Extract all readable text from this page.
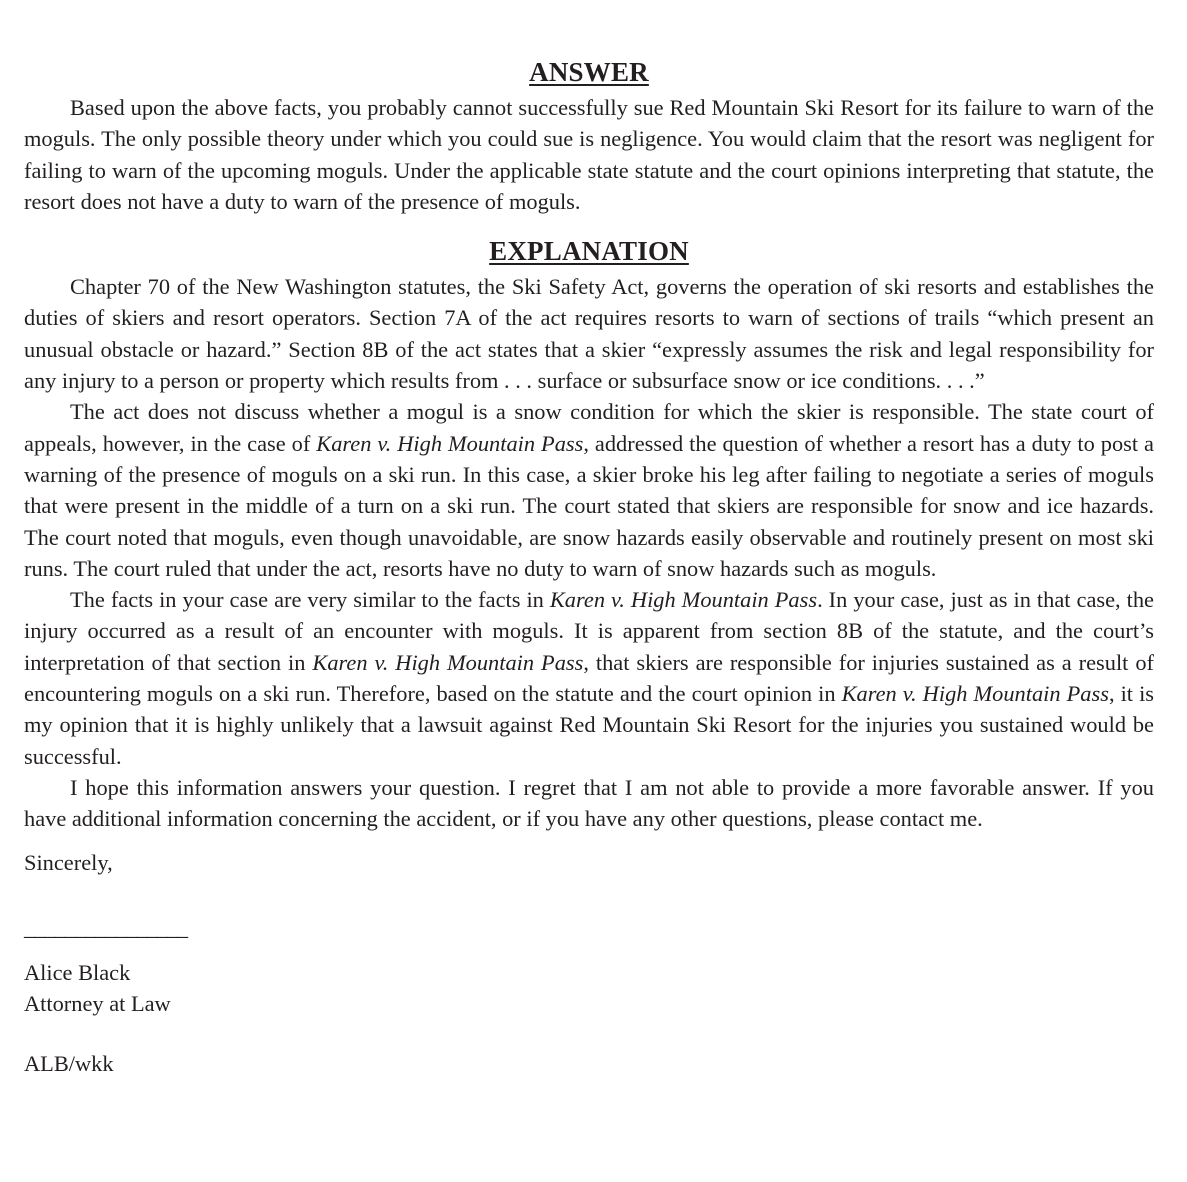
ANSWER

Based upon the above facts, you probably cannot successfully sue Red Mountain Ski Resort for its failure to warn of the moguls. The only possible theory under which you could sue is negligence. You would claim that the resort was negligent for failing to warn of the upcoming moguls. Under the applicable state statute and the court opinions interpreting that statute, the resort does not have a duty to warn of the presence of moguls.

EXPLANATION

Chapter 70 of the New Washington statutes, the Ski Safety Act, governs the operation of ski resorts and establishes the duties of skiers and resort operators. Section 7A of the act requires resorts to warn of sections of trails “which present an unusual obstacle or hazard.” Section 8B of the act states that a skier “expressly assumes the risk and legal responsibility for any injury to a person or property which results from . . . surface or subsurface snow or ice conditions. . . .”

The act does not discuss whether a mogul is a snow condition for which the skier is responsible. The state court of appeals, however, in the case of Karen v. High Mountain Pass, addressed the question of whether a resort has a duty to post a warning of the presence of moguls on a ski run. In this case, a skier broke his leg after failing to negotiate a series of moguls that were present in the middle of a turn on a ski run. The court stated that skiers are responsible for snow and ice hazards. The court noted that moguls, even though unavoidable, are snow hazards easily observable and routinely present on most ski runs. The court ruled that under the act, resorts have no duty to warn of snow hazards such as moguls.

The facts in your case are very similar to the facts in Karen v. High Mountain Pass. In your case, just as in that case, the injury occurred as a result of an encounter with moguls. It is apparent from section 8B of the statute, and the court’s interpretation of that section in Karen v. High Mountain Pass, that skiers are responsible for injuries sustained as a result of encountering moguls on a ski run. Therefore, based on the statute and the court opinion in Karen v. High Mountain Pass, it is my opinion that it is highly unlikely that a lawsuit against Red Mountain Ski Resort for the injuries you sustained would be successful.

I hope this information answers your question. I regret that I am not able to provide a more favorable answer. If you have additional information concerning the accident, or if you have any other questions, please contact me.

Sincerely,
________________
Alice Black
Attorney at Law
ALB/wkk
